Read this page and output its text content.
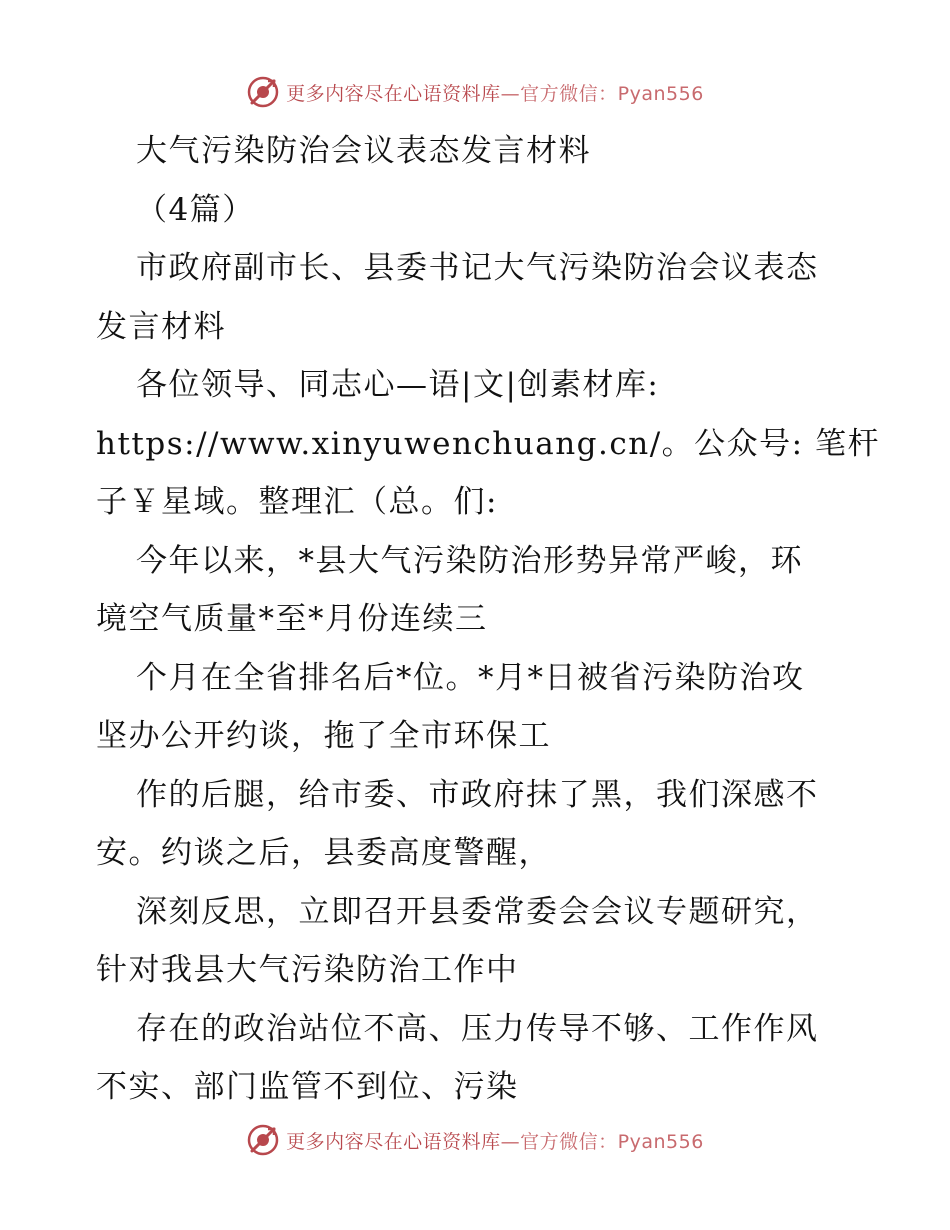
更多内容尽在心语资料库 —官方微信：Pyan556
大气污染防治会议表态发言材料
（4篇）
市政府副市长、县委书记大气污染防治会议表态
发言材料
各位领导、同志心—语|文|创素材库:
https://www.xinyuwenchuang.cn/。公众号: 笔杆
子￥星域。整理汇（总。们:
今年以来，*县大气污染防治形势异常严峻，环
境空气质量*至*月份连续三
个月在全省排名后*位。*月*日被省污染防治攻
坚办公开约谈，拖了全市环保工
作的后腿，给市委、市政府抹了黑，我们深感不
安。约谈之后，县委高度警醒，
深刻反思，立即召开县委常委会会议专题研究，
针对我县大气污染防治工作中
存在的政治站位不高、压力传导不够、工作作风
不实、部门监管不到位、污染
更多内容尽在心语资料库 —官方微信：Pyan556
